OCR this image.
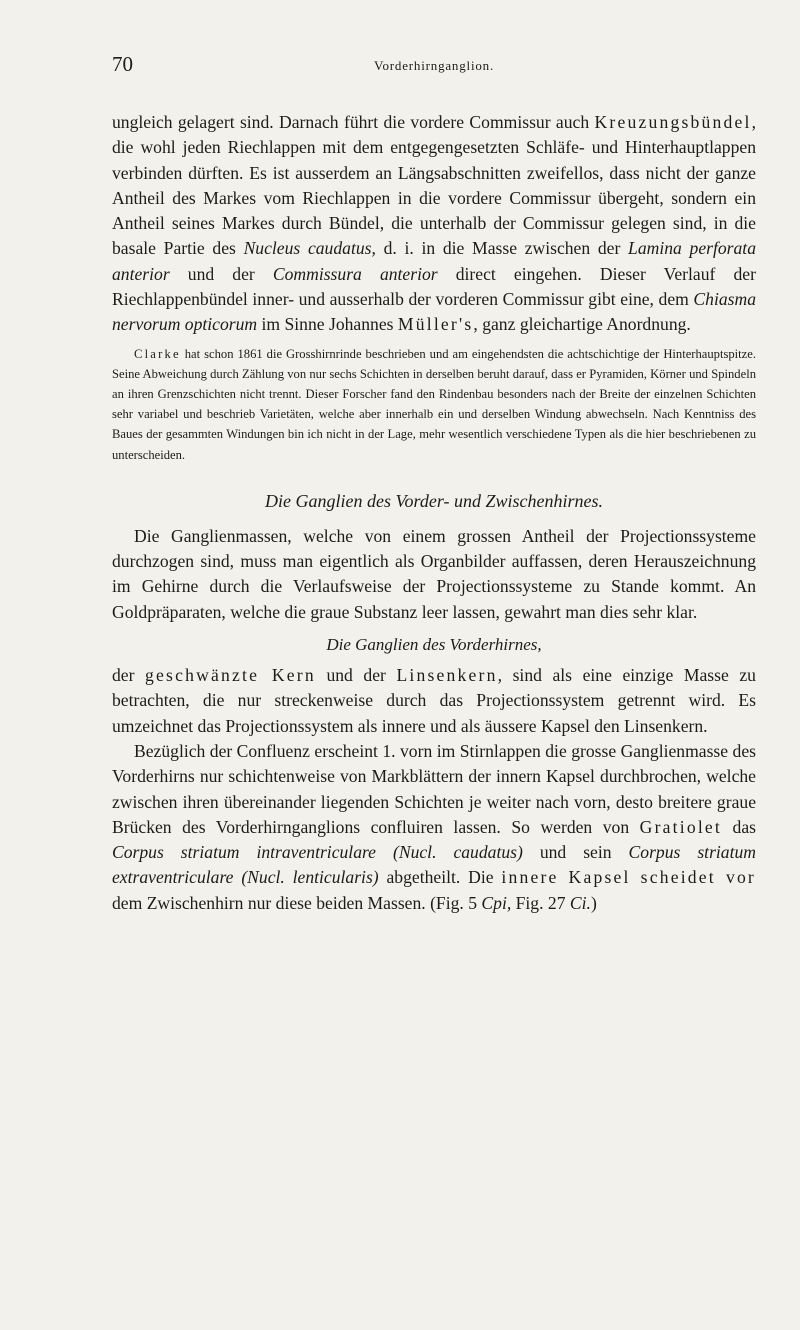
70	Vorderhirnganglion.

ungleich gelagert sind. Darnach führt die vordere Commissur auch Kreuzungsbündel, die wohl jeden Riechlappen mit dem entgegengesetzten Schläfe- und Hinterhauptlappen verbinden dürften. Es ist ausserdem an Längsabschnitten zweifellos, dass nicht der ganze Antheil des Markes vom Riechlappen in die vordere Commissur übergeht, sondern ein Antheil seines Markes durch Bündel, die unterhalb der Commissur gelegen sind, in die basale Partie des Nucleus caudatus, d. i. in die Masse zwischen der Lamina perforata anterior und der Commissura anterior direct eingehen. Dieser Verlauf der Riechlappenbündel inner- und ausserhalb der vorderen Commissur gibt eine, dem Chiasma nervorum opticorum im Sinne Johannes Müller's, ganz gleichartige Anordnung.

Clarke hat schon 1861 die Grosshirnrinde beschrieben und am eingehendsten die achtschichtige der Hinterhauptspitze. Seine Abweichung durch Zählung von nur sechs Schichten in derselben beruht darauf, dass er Pyramiden, Körner und Spindeln an ihren Grenzschichten nicht trennt. Dieser Forscher fand den Rindenbau besonders nach der Breite der einzelnen Schichten sehr variabel und beschrieb Varietäten, welche aber innerhalb ein und derselben Windung abwechseln. Nach Kenntniss des Baues der gesammten Windungen bin ich nicht in der Lage, mehr wesentlich verschiedene Typen als die hier beschriebenen zu unterscheiden.

Die Ganglien des Vorder- und Zwischenhirnes.

Die Ganglienmassen, welche von einem grossen Antheil der Projectionssysteme durchzogen sind, muss man eigentlich als Organbilder auffassen, deren Herauszeichnung im Gehirne durch die Verlaufsweise der Projectionssysteme zu Stande kommt. An Goldpräparaten, welche die graue Substanz leer lassen, gewahrt man dies sehr klar.

Die Ganglien des Vorderhirnes,

der geschwänzte Kern und der Linsenkern, sind als eine einzige Masse zu betrachten, die nur streckenweise durch das Projectionssystem getrennt wird. Es umzeichnet das Projectionssystem als innere und als äussere Kapsel den Linsenkern.

Bezüglich der Confluenz erscheint 1. vorn im Stirnlappen die grosse Ganglienmasse des Vorderhirns nur schichtenweise von Markblättern der innern Kapsel durchbrochen, welche zwischen ihren übereinander liegenden Schichten je weiter nach vorn, desto breitere graue Brücken des Vorderhirnganglions confluiren lassen. So werden von Gratiolet das Corpus striatum intraventriculare (Nucl. caudatus) und sein Corpus striatum extraventriculare (Nucl. lenticularis) abgetheilt. Die innere Kapsel scheidet vor dem Zwischenhirn nur diese beiden Massen. (Fig. 5 Cpi, Fig. 27 Ci.)
